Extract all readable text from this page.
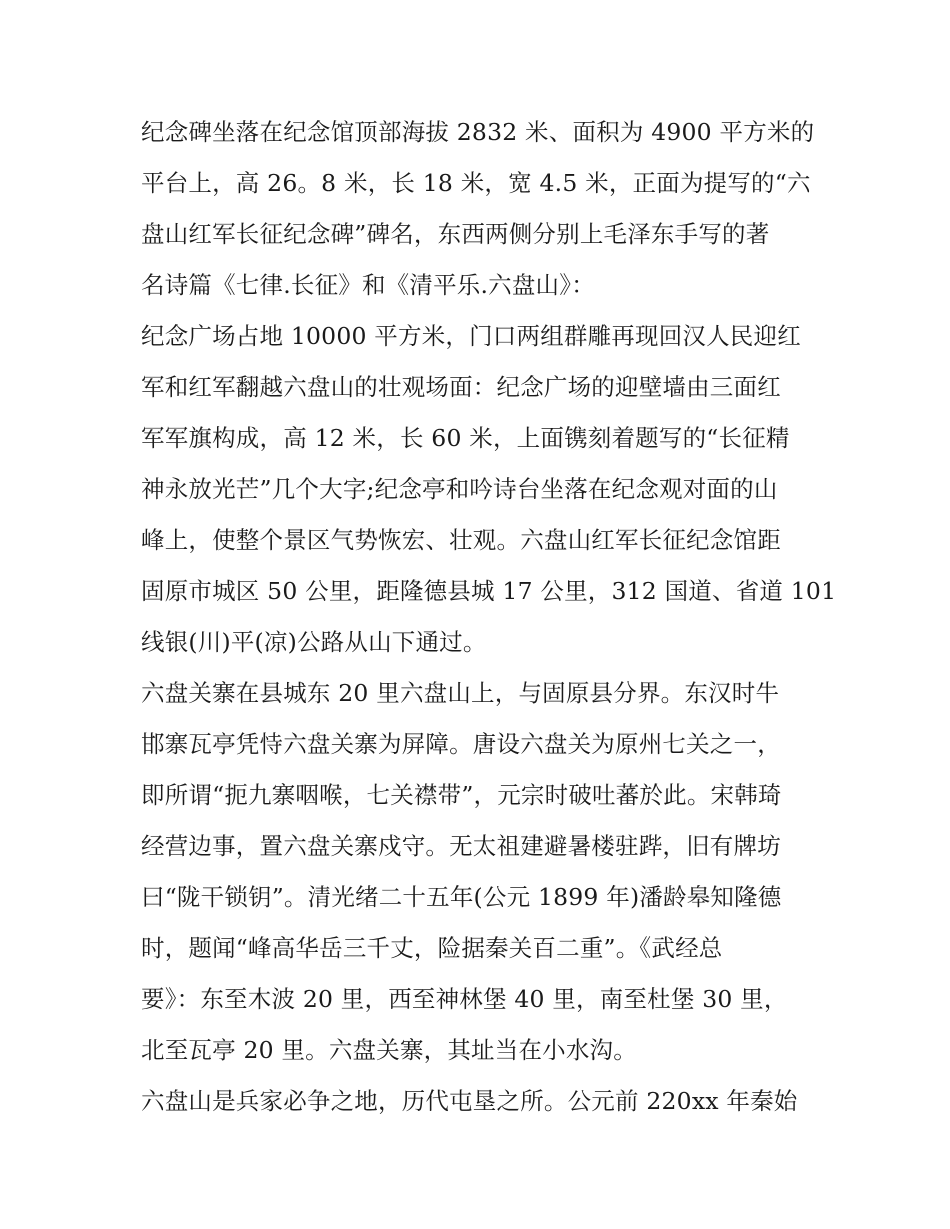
纪念碑坐落在纪念馆顶部海拔 2832 米、面积为 4900 平方米的
平台上，高 26。8 米，长 18 米，宽 4.5 米，正面为提写的“六
盘山红军长征纪念碑”碑名，东西两侧分别上毛泽东手写的著
名诗篇《七律.长征》和《清平乐.六盘山》：
纪念广场占地 10000 平方米，门口两组群雕再现回汉人民迎红
军和红军翻越六盘山的壮观场面：纪念广场的迎壁墙由三面红
军军旗构成，高 12 米，长 60 米，上面镌刻着题写的“长征精
神永放光芒”几个大字;纪念亭和吟诗台坐落在纪念观对面的山
峰上，使整个景区气势恢宏、壮观。六盘山红军长征纪念馆距
固原市城区 50 公里，距隆德县城 17 公里，312 国道、省道 101
线银(川)平(凉)公路从山下通过。
六盘关寨在县城东 20 里六盘山上，与固原县分界。东汉时牛
邯寨瓦亭凭恃六盘关寨为屏障。唐设六盘关为原州七关之一，
即所谓“扼九寨咽喉，七关襟带”，元宗时破吐蕃於此。宋韩琦
经营边事，置六盘关寨戍守。无太祖建避暑楼驻跸，旧有牌坊
曰“陇干锁钥”。清光绪二十五年(公元 1899 年)潘龄皋知隆德
时，题闻“峰高华岳三千丈，险据秦关百二重”。《武经总
要》：东至木波 20 里，西至神林堡 40 里，南至杜堡 30 里，
北至瓦亭 20 里。六盘关寨，其址当在小水沟。
六盘山是兵家必争之地，历代屯垦之所。公元前 220xx 年秦始
